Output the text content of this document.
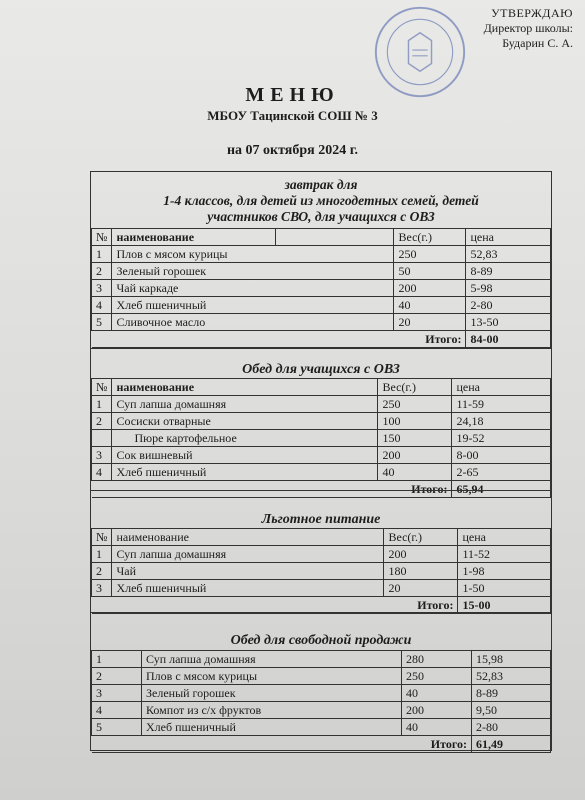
УТВЕРЖДАЮ
Директор школы:
Бударин С. А.
МЕНЮ
МБОУ Тацинской СОШ № 3
на 07 октября 2024 г.
завтрак для
1-4 классов, для детей из многодетных семей, детей
участников СВО, для учащихся с ОВЗ
№	наименование		Вес(г.)	цена
1	Плов с мясом курицы		250	52,83
2	Зеленый горошек		50	8-89
3	Чай каркаде		200	5-98
4	Хлеб пшеничный		40	2-80
5	Сливочное масло		20	13-50
Итого:				84-00
Обед для учащихся с ОВЗ
№	наименование	Вес(г.)	цена
1	Суп лапша домашняя	250	11-59
2	Сосиски отварные	100	24,18
	Пюре картофельное	150	19-52
3	Сок вишневый	200	8-00
4	Хлеб пшеничный	40	2-65
Итого:			65,94
Льготное питание
№	наименование	Вес(г.)	цена
1	Суп лапша домашняя	200	11-52
2	Чай	180	1-98
3	Хлеб пшеничный	20	1-50
Итого:			15-00
Обед для свободной продажи
1	Суп лапша домашняя	280	15,98
2	Плов с мясом курицы	250	52,83
3	Зеленый горошек	40	8-89
4	Компот из с/х фруктов	200	9,50
5	Хлеб пшеничный	40	2-80
Итого:			61,49
